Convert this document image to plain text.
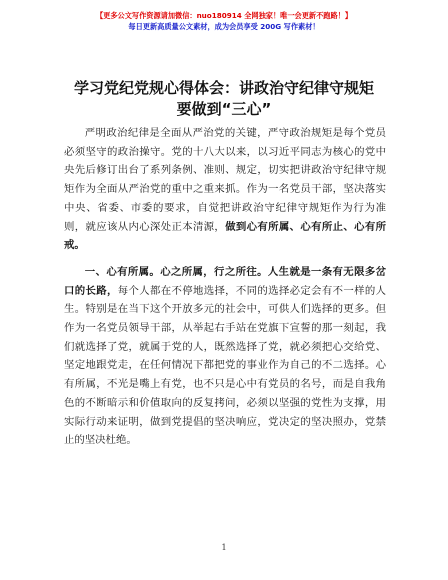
【更多公文写作资源请加微信：nuo180914 全网独家！唯一会更新不跑路！】
每日更新高质量公文素材，成为会员享受 200G 写作素材！
学习党纪党规心得体会：讲政治守纪律守规矩
要做到“三心”

严明政治纪律是全面从严治党的关键，严守政治规矩是每个党员必须坚守的政治操守。党的十八大以来，以习近平同志为核心的党中央先后修订出台了系列条例、准则、规定，切实把讲政治守纪律守规矩作为全面从严治党的重中之重来抓。作为一名党员干部，坚决落实中央、省委、市委的要求，自觉把讲政治守纪律守规矩作为行为准则，就应该从内心深处正本清源，做到心有所属、心有所止、心有所戒。

一、心有所属。心之所属，行之所往。人生就是一条有无限多岔口的长路，每个人都在不停地选择，不同的选择必定会有不一样的人生。特别是在当下这个开放多元的社会中，可供人们选择的更多。但作为一名党员领导干部，从举起右手站在党旗下宣誓的那一刻起，我们就选择了党，就属于党的人，既然选择了党，就必须把心交给党、坚定地跟党走，在任何情况下都把党的事业作为自己的不二选择。心有所属，不光是嘴上有党，也不只是心中有党员的名号，而是自我角色的不断暗示和价值取向的反复拷问，必须以坚强的党性为支撑，用实际行动来证明，做到党提倡的坚决响应，党决定的坚决照办，党禁止的坚决杜绝。

1
